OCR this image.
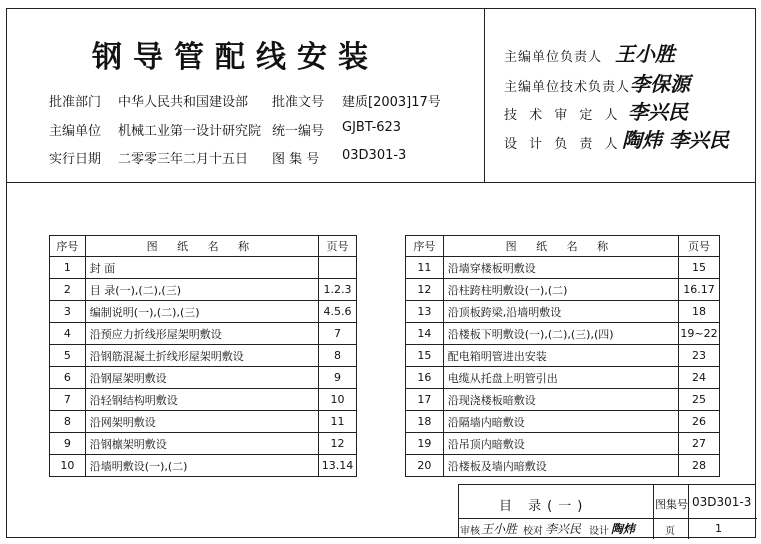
钢导管配线安装
批准部门 中华人民共和国建设部 批准文号 建质[2003]17号
主编单位 机械工业第一设计研究院 统一编号 GJBT-623
实行日期 二零零三年二月十五日 图 集 号 03D301-3
主编单位负责人 王小胜
主编单位技术负责人 李保源
技 术 审 定 人 李兴民
设 计 负 责 人 陶炜 李兴民
序号	图 纸 名 称	页号
1	封 面	
2	目 录(一),(二),(三)	1.2.3
3	编制说明(一),(二),(三)	4.5.6
4	沿预应力折线形屋架明敷设	7
5	沿钢筋混凝土折线形屋架明敷设	8
6	沿钢屋架明敷设	9
7	沿轻钢结构明敷设	10
8	沿网架明敷设	11
9	沿钢檩架明敷设	12
10	沿墙明敷设(一),(二)	13.14
序号	图 纸 名 称	页号
11	沿墙穿楼板明敷设	15
12	沿柱跨柱明敷设(一),(二)	16.17
13	沿顶板跨梁,沿墙明敷设	18
14	沿楼板下明敷设(一),(二),(三),(四)	19~22
15	配电箱明管进出安装	23
16	电缆从托盘上明管引出	24
17	沿现浇楼板暗敷设	25
18	沿隔墙内暗敷设	26
19	沿吊顶内暗敷设	27
20	沿楼板及墙内暗敷设	28
目 录(一)	图集号 03D301-3
审核 王小胜 校对 李兴民 设计 陶炜	页	1
